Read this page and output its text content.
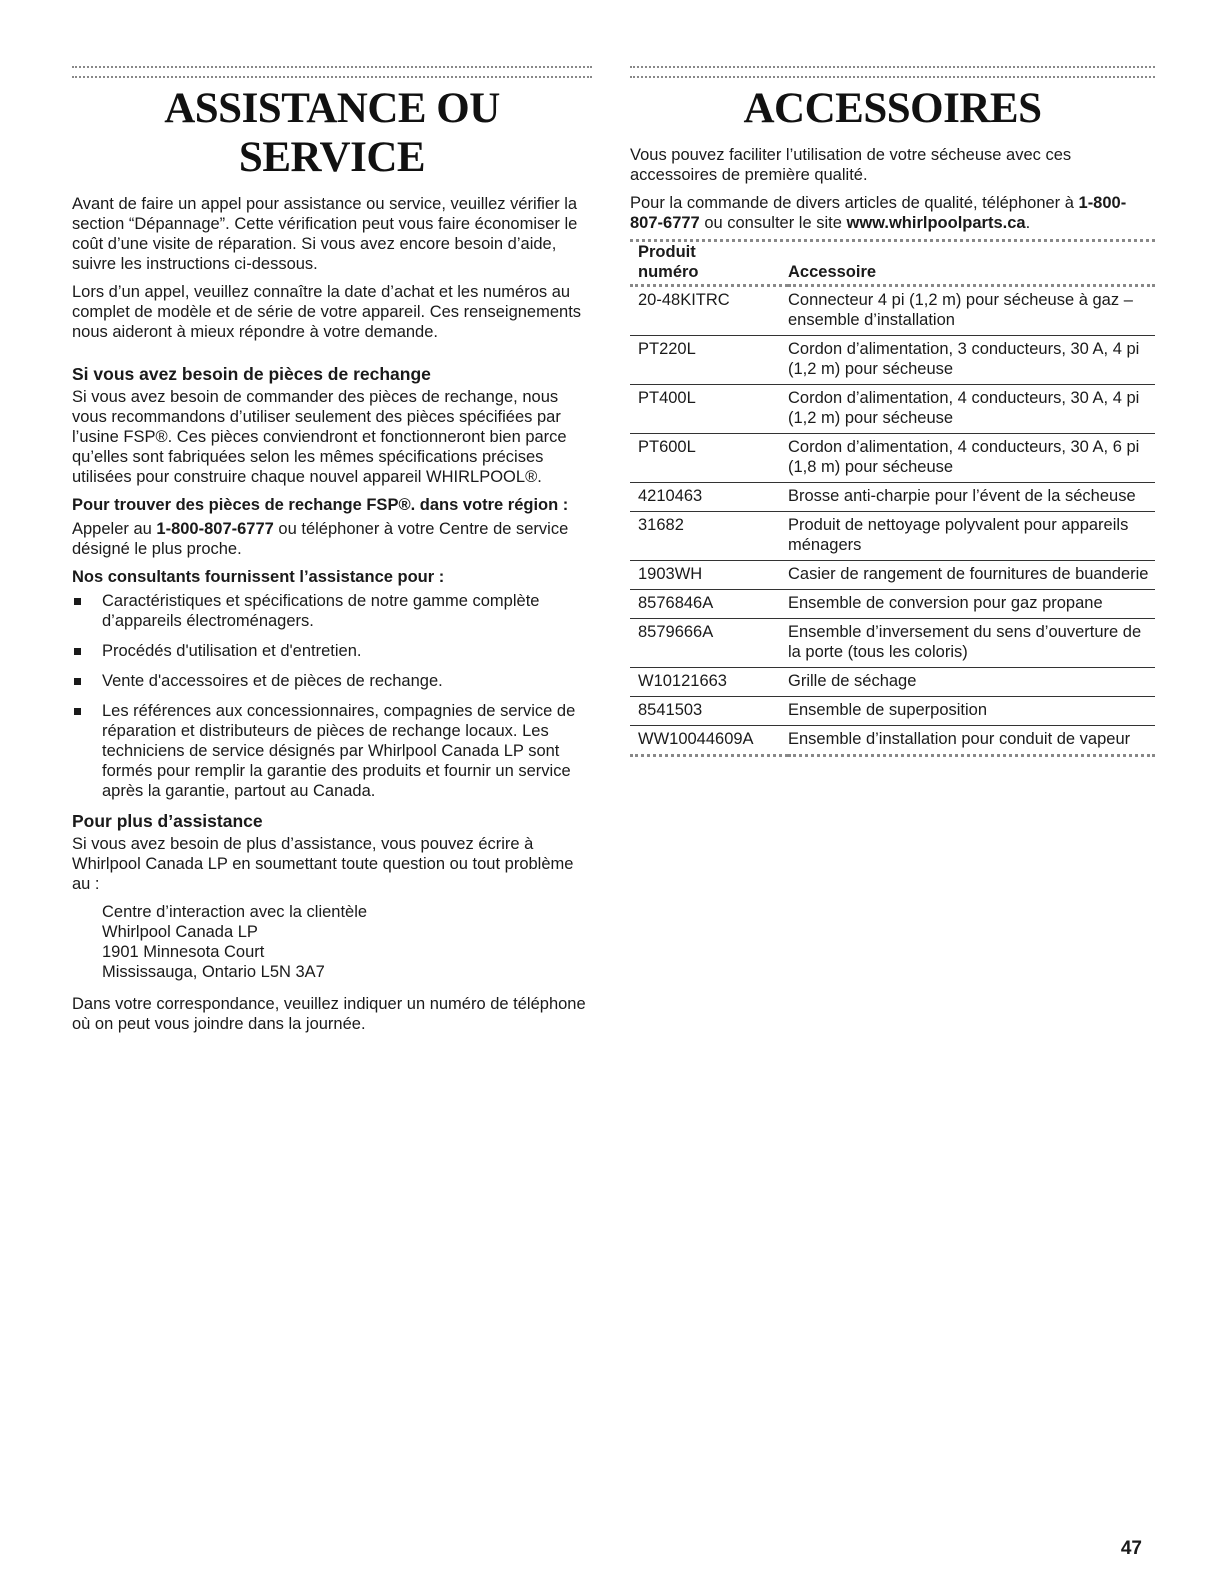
ASSISTANCE OU SERVICE

Avant de faire un appel pour assistance ou service, veuillez vérifier la section “Dépannage”. Cette vérification peut vous faire économiser le coût d’une visite de réparation. Si vous avez encore besoin d’aide, suivre les instructions ci-dessous.

Lors d’un appel, veuillez connaître la date d’achat et les numéros au complet de modèle et de série de votre appareil. Ces renseignements nous aideront à mieux répondre à votre demande.

Si vous avez besoin de pièces de rechange

Si vous avez besoin de commander des pièces de rechange, nous vous recommandons d’utiliser seulement des pièces spécifiées par l’usine FSP®. Ces pièces conviendront et fonctionneront bien parce qu’elles sont fabriquées selon les mêmes spécifications précises utilisées pour construire chaque nouvel appareil WHIRLPOOL®.

Pour trouver des pièces de rechange FSP®. dans votre région :

Appeler au 1-800-807-6777 ou téléphoner à votre Centre de service désigné le plus proche.

Nos consultants fournissent l’assistance pour :
Caractéristiques et spécifications de notre gamme complète d’appareils électroménagers.
Procédés d'utilisation et d'entretien.
Vente d'accessoires et de pièces de rechange.
Les références aux concessionnaires, compagnies de service de réparation et distributeurs de pièces de rechange locaux. Les techniciens de service désignés par Whirlpool Canada LP sont formés pour remplir la garantie des produits et fournir un service après la garantie, partout au Canada.
Pour plus d’assistance

Si vous avez besoin de plus d’assistance, vous pouvez écrire à Whirlpool Canada LP en soumettant toute question ou tout problème au :

Centre d’interaction avec la clientèle
Whirlpool Canada LP
1901 Minnesota Court
Mississauga, Ontario L5N 3A7

Dans votre correspondance, veuillez indiquer un numéro de téléphone où on peut vous joindre dans la journée.

ACCESSOIRES

Vous pouvez faciliter l’utilisation de votre sécheuse avec ces accessoires de première qualité.

Pour la commande de divers articles de qualité, téléphoner à 1-800-807-6777 ou consulter le site www.whirlpoolparts.ca.

Produit
numéro	Accessoire
20-48KITRC	Connecteur 4 pi (1,2 m) pour sécheuse à gaz – ensemble d’installation
PT220L	Cordon d’alimentation, 3 conducteurs, 30 A, 4 pi (1,2 m) pour sécheuse
PT400L	Cordon d’alimentation, 4 conducteurs, 30 A, 4 pi (1,2 m) pour sécheuse
PT600L	Cordon d’alimentation, 4 conducteurs, 30 A, 6 pi (1,8 m) pour sécheuse
4210463	Brosse anti-charpie pour l’évent de la sécheuse
31682	Produit de nettoyage polyvalent pour appareils ménagers
1903WH	Casier de rangement de fournitures de buanderie
8576846A	Ensemble de conversion pour gaz propane
8579666A	Ensemble d’inversement du sens d’ouverture de la porte (tous les coloris)
W10121663	Grille de séchage
8541503	Ensemble de superposition
WW10044609A	Ensemble d’installation pour conduit de vapeur
47
